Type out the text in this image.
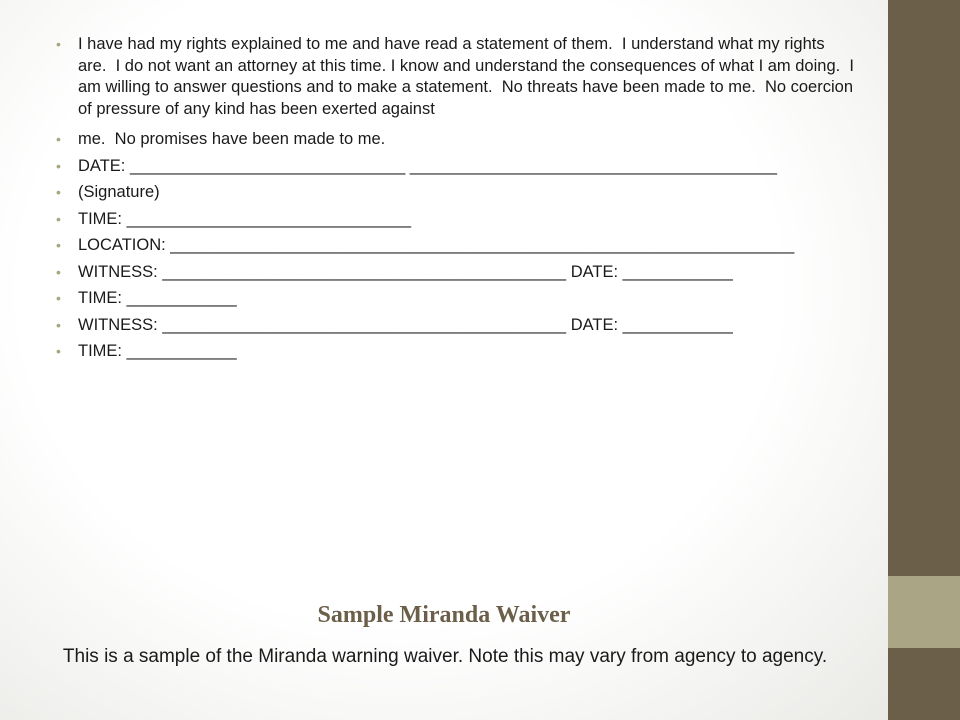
• I have had my rights explained to me and have read a statement of them.  I understand what my rights are.  I do not want an attorney at this time. I know and understand the consequences of what I am doing.  I am willing to answer questions and to make a statement.  No threats have been made to me.  No coercion of pressure of any kind has been exerted against
• me.  No promises have been made to me.
• DATE: ______________________________ ________________________________________
• (Signature)
• TIME: _______________________________
• LOCATION: ____________________________________________________________________
• WITNESS: ____________________________________________ DATE: ____________
• TIME: ____________
• WITNESS: ____________________________________________ DATE: ____________
• TIME: ____________
Sample Miranda Waiver
This is a sample of the Miranda warning waiver. Note this may vary from agency to agency.
